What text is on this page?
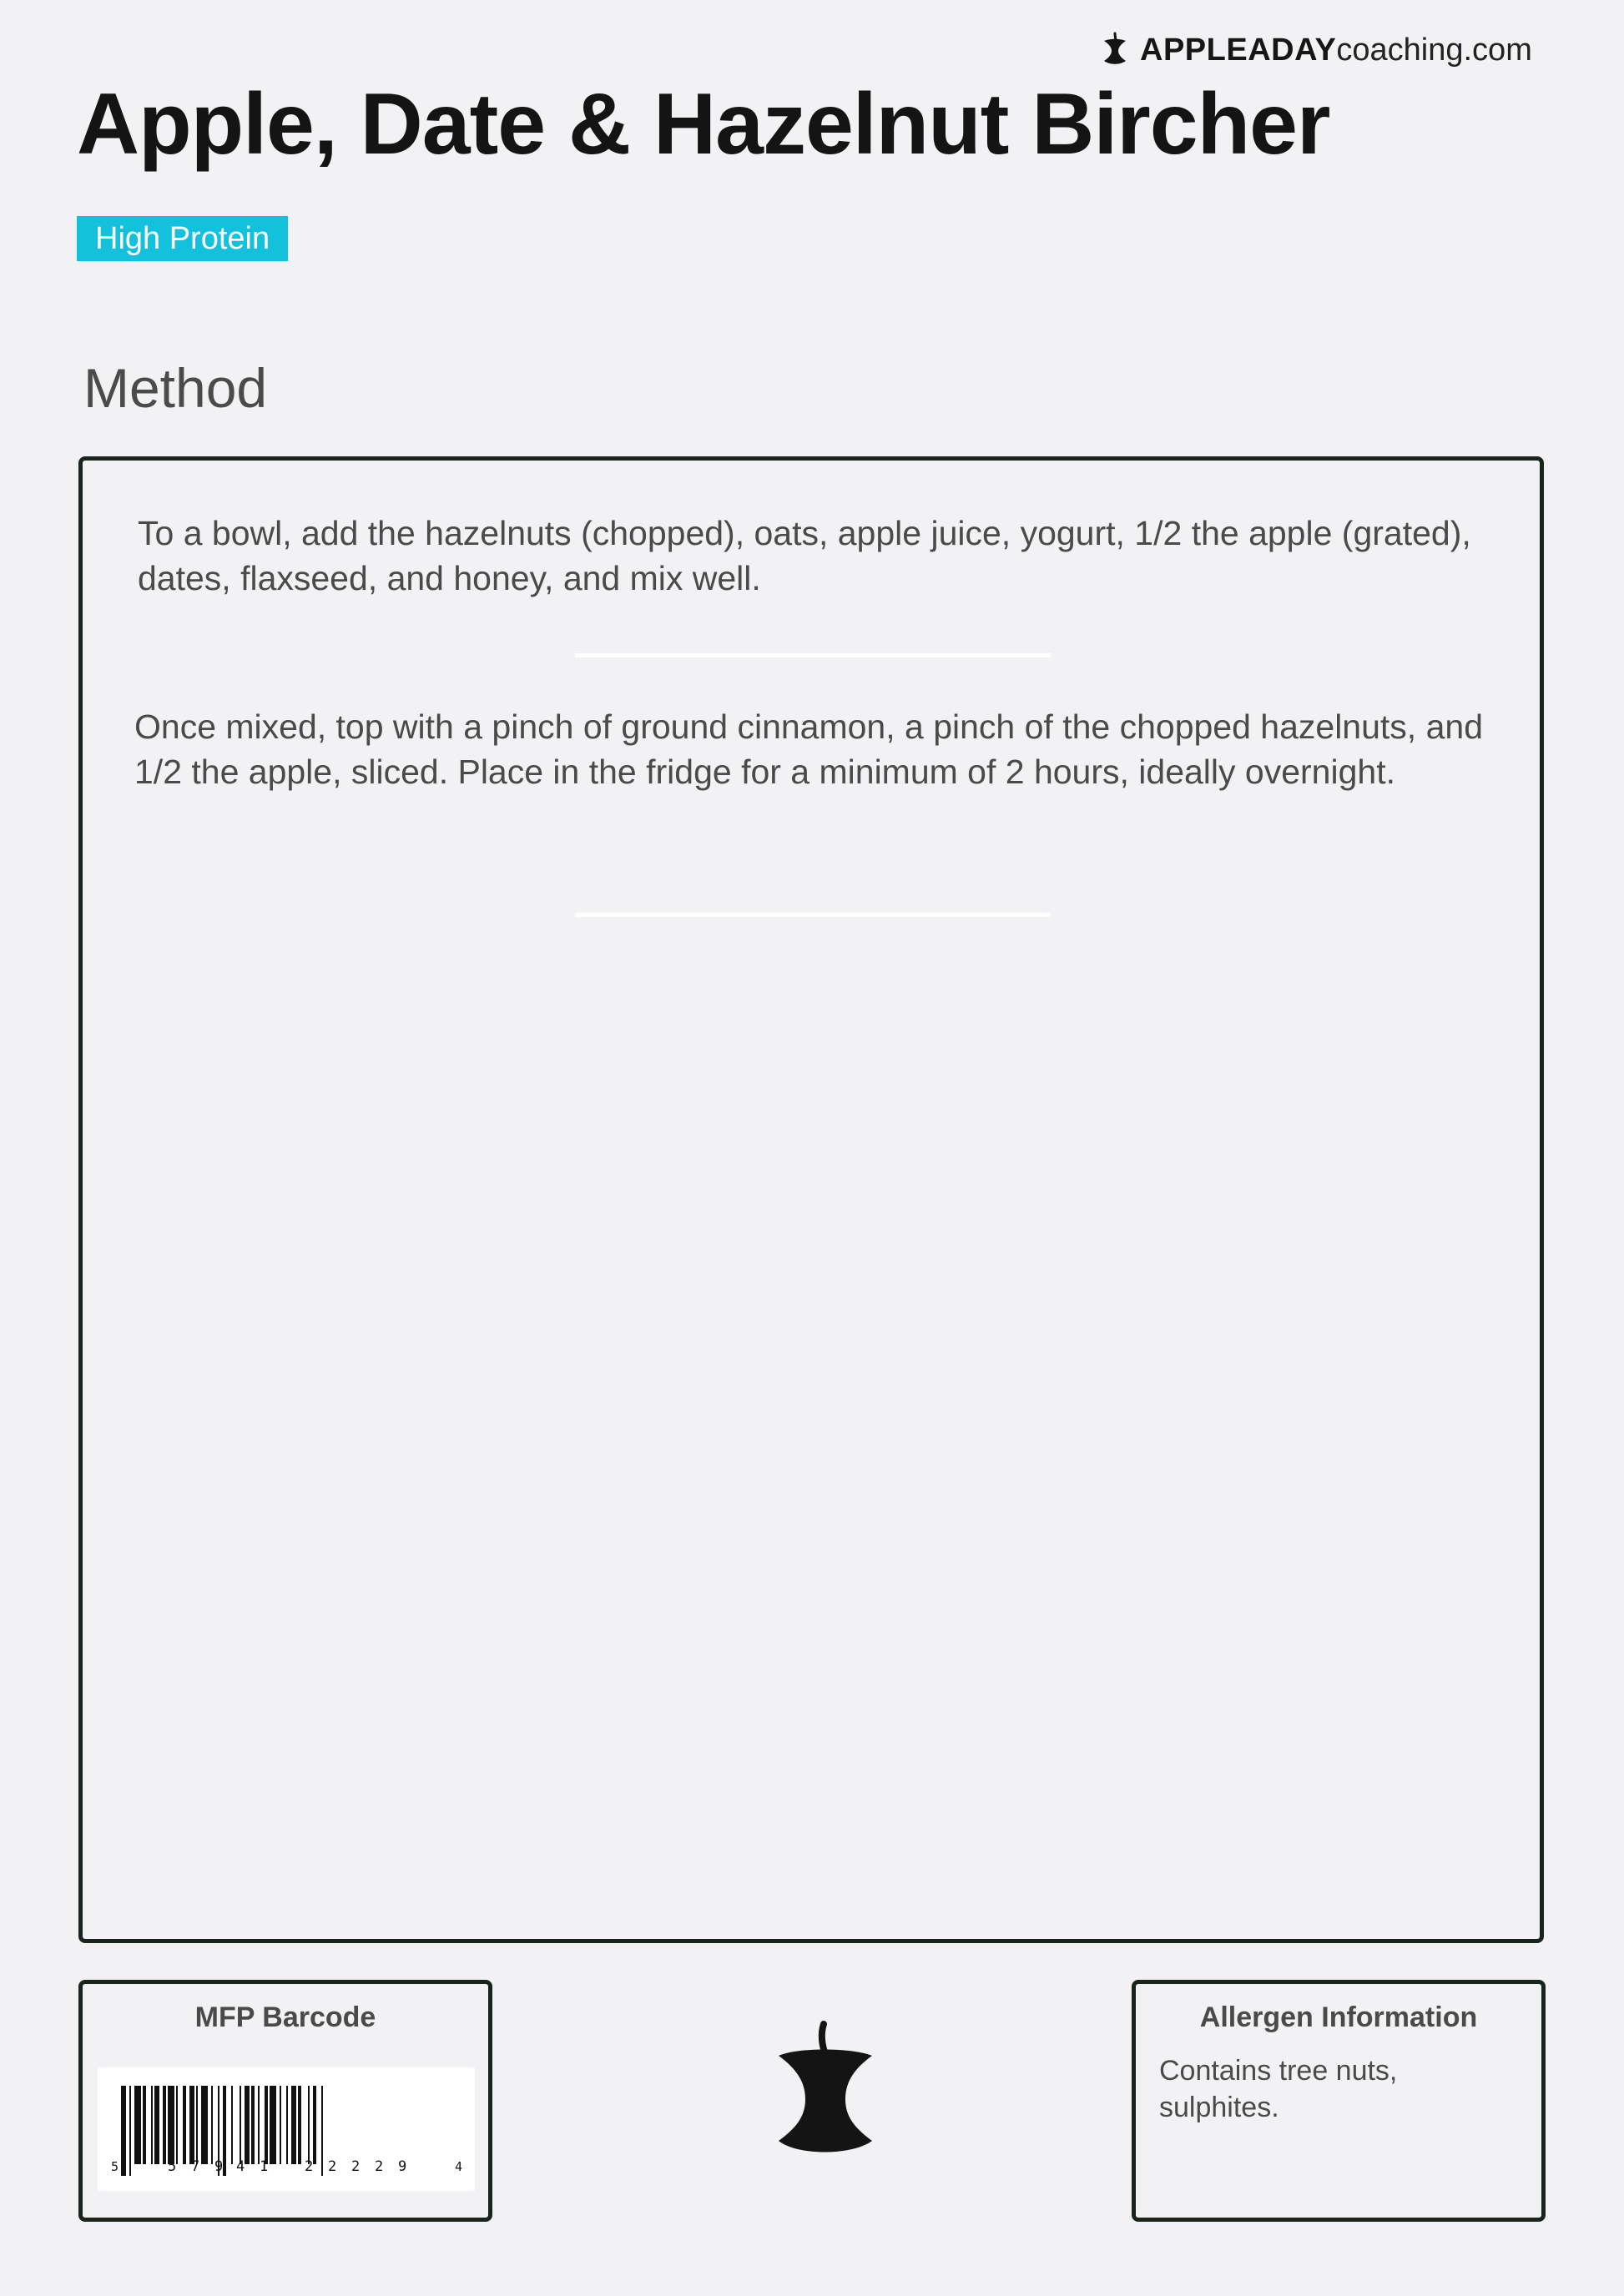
APPLEADAYcoaching.com
Apple, Date & Hazelnut Bircher
High Protein
Method

To a bowl, add the hazelnuts (chopped), oats, apple juice, yogurt, 1/2 the apple (grated), dates, flaxseed, and honey, and mix well.

Once mixed, top with a pinch of ground cinnamon, a pinch of the chopped hazelnuts, and 1/2 the apple, sliced. Place in the fridge for a minimum of 2 hours, ideally overnight.

MFP Barcode
5	5 7 9 4 1	2 2 2 2 9	4
Allergen Information

Contains tree nuts, sulphites.
